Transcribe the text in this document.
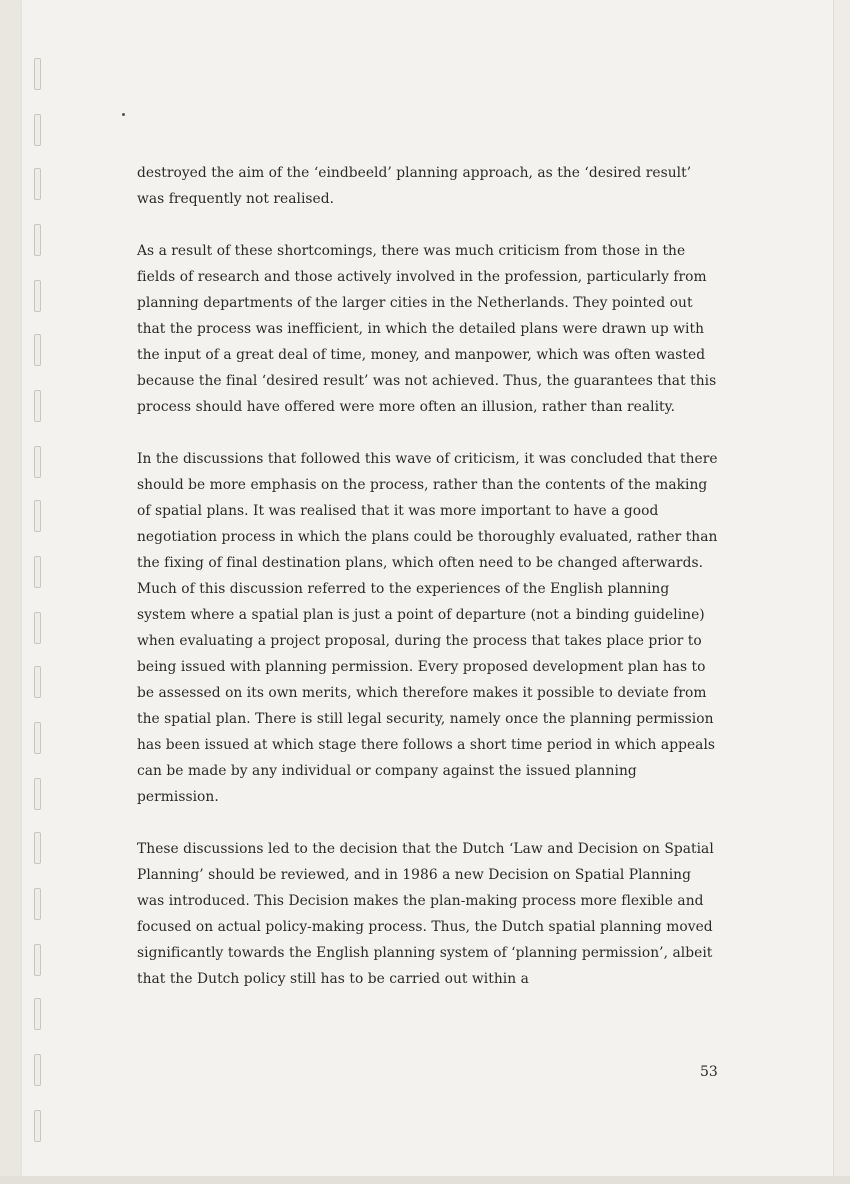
destroyed the aim of the ‘eindbeeld’ planning approach, as the ‘desired result’ was frequently not realised.

As a result of these shortcomings, there was much criticism from those in the fields of research and those actively involved in the profession, particularly from planning departments of the larger cities in the Netherlands. They pointed out that the process was inefficient, in which the detailed plans were drawn up with the input of a great deal of time, money, and manpower, which was often wasted because the final ‘desired result’ was not achieved. Thus, the guarantees that this process should have offered were more often an illusion, rather than reality.

In the discussions that followed this wave of criticism, it was concluded that there should be more emphasis on the process, rather than the contents of the making of spatial plans. It was realised that it was more important to have a good negotiation process in which the plans could be thoroughly evaluated, rather than the fixing of final destination plans, which often need to be changed afterwards. Much of this discussion referred to the experiences of the English planning system where a spatial plan is just a point of departure (not a binding guideline) when evaluating a project proposal, during the process that takes place prior to being issued with planning permission. Every proposed development plan has to be assessed on its own merits, which therefore makes it possible to deviate from the spatial plan. There is still legal security, namely once the planning permission has been issued at which stage there follows a short time period in which appeals can be made by any individual or company against the issued planning permission.

These discussions led to the decision that the Dutch ‘Law and Decision on Spatial Planning’ should be reviewed, and in 1986 a new Decision on Spatial Planning was introduced. This Decision makes the plan-making process more flexible and focused on actual policy-making process. Thus, the Dutch spatial planning moved significantly towards the English planning system of ‘planning permission’, albeit that the Dutch policy still has to be carried out within a

53
